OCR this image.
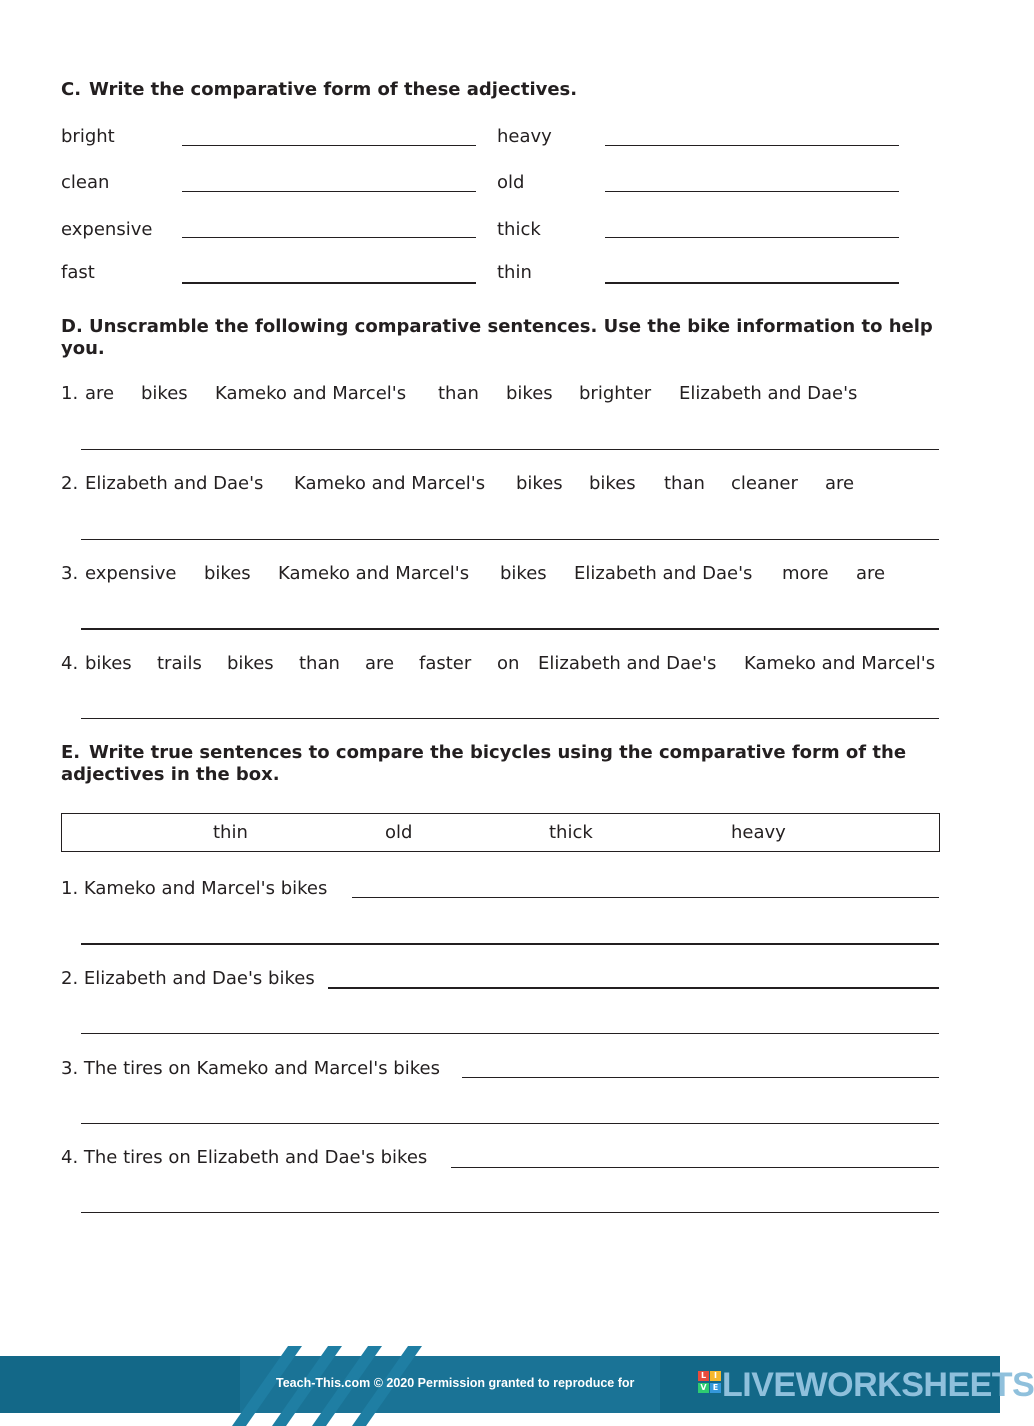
C. Write the comparative form of these adjectives.
bright	heavy
clean	old
expensive	thick
fast	thin
D. Unscramble the following comparative sentences. Use the bike information to help
you.
1. are bikes Kameko and Marcel's than bikes brighter Elizabeth and Dae's
2. Elizabeth and Dae's Kameko and Marcel's bikes bikes than cleaner are
3. expensive bikes Kameko and Marcel's bikes Elizabeth and Dae's more are
4. bikes trails bikes than are faster on Elizabeth and Dae's Kameko and Marcel's
E. Write true sentences to compare the bicycles using the comparative form of the
adjectives in the box.
thin	old	thick	heavy
1. Kameko and Marcel's bikes
2. Elizabeth and Dae's bikes
3. The tires on Kameko and Marcel's bikes
4. The tires on Elizabeth and Dae's bikes
Teach-This.com © 2020 Permission granted to reproduce for
L I
V E LIVEWORKSHEETS
